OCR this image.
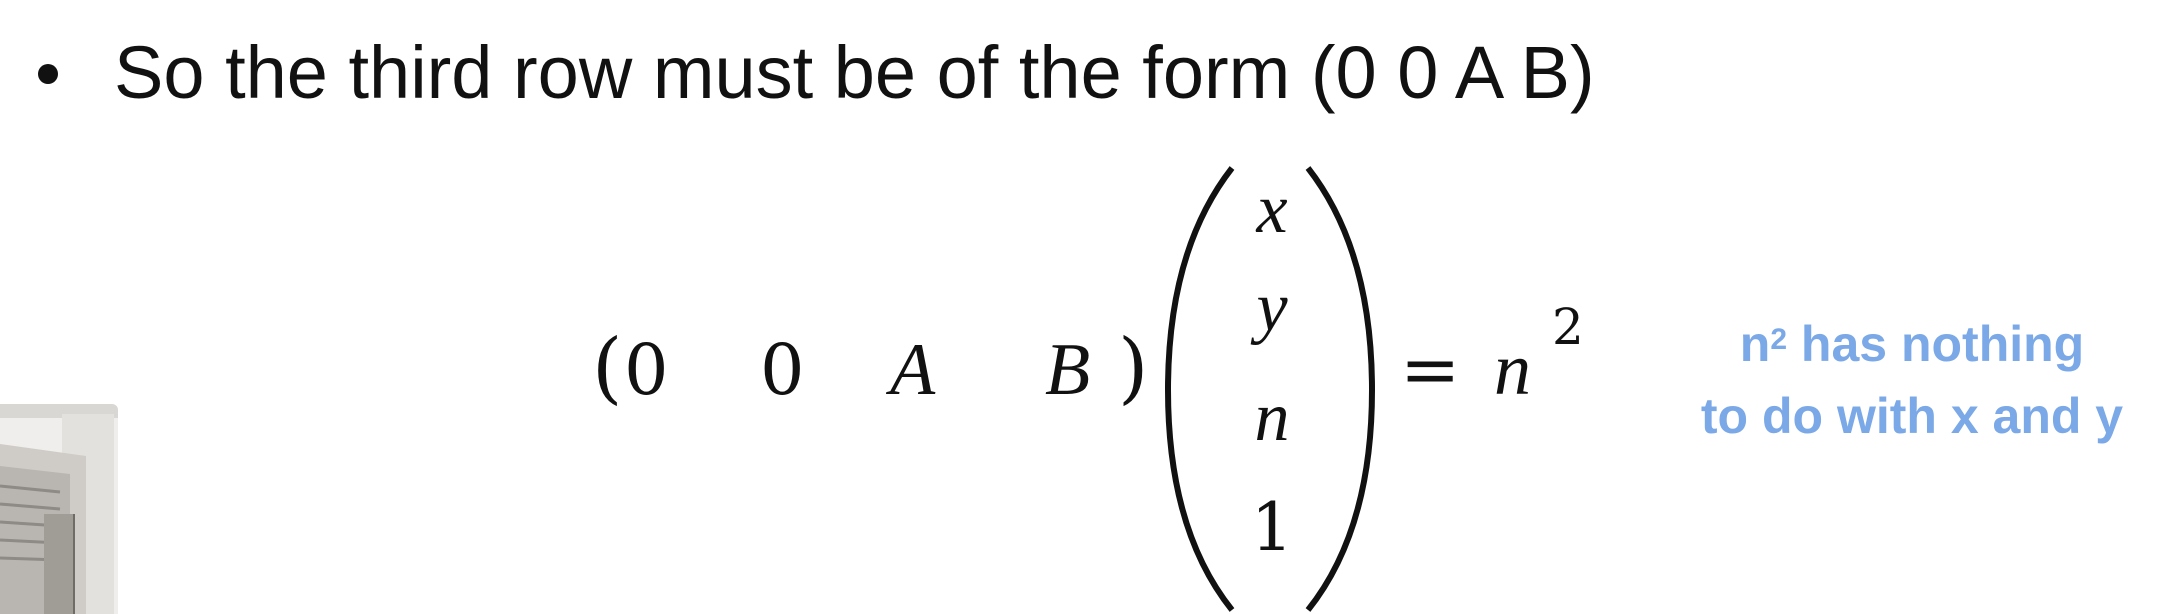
So the third row must be of the form (0 0 A B)
( 0 0 A B )
x
y
n
1
= n
2	$n^2$ has nothing
to do with x and y
